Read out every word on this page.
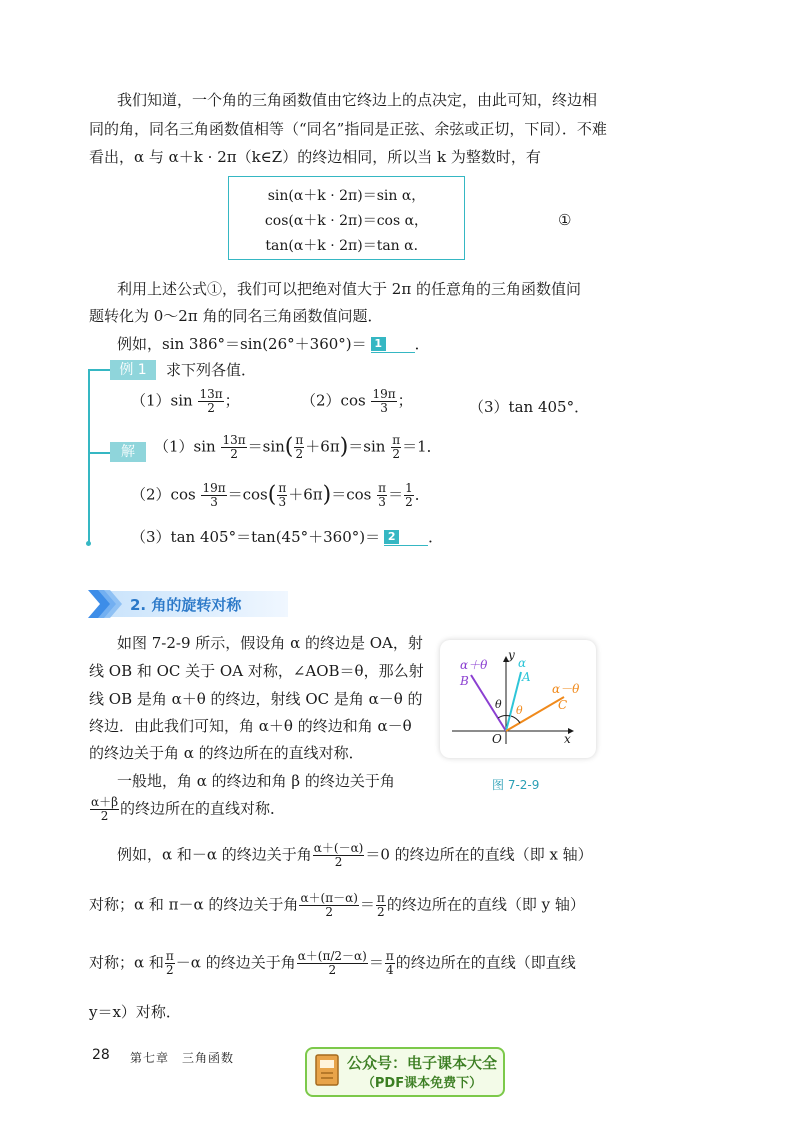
我们知道，一个角的三角函数值由它终边上的点决定，由此可知，终边相
同的角，同名三角函数值相等（“同名”指同是正弦、余弦或正切，下同）．不难
看出，α 与 α＋k · 2π（k∈Z）的终边相同，所以当 k 为整数时，有
sin(α＋k · 2π)＝sin α，
cos(α＋k · 2π)＝cos α，
tan(α＋k · 2π)＝tan α．
①
利用上述公式①，我们可以把绝对值大于 2π 的任意角的三角函数值问
题转化为 0～2π 角的同名三角函数值问题．
例如，sin 386°＝sin(26°＋360°)＝ 1 ．
例 1	求下列各值．
$(1)\sin \frac{13\pi}{2}$ ；	$(2)\cos \frac{19\pi}{3}$ ；	（3）tan 405°．
解	$(1)\sin \frac{13\pi}{2} =\sin( \frac{\pi}{2} +6\pi)=\sin \frac{\pi}{2} =1$．
$(2)\cos \frac{19\pi}{3} =\cos( \frac{\pi}{3} +6\pi)=\cos \frac{\pi}{3} = \frac{1}{2}$ ．
（3）tan 405°＝tan(45°＋360°)＝ 2 ．
2. 角的旋转对称
如图 7-2-9 所示，假设角 α 的终边是 OA，射
线 OB 和 OC 关于 OA 对称，∠AOB＝θ，那么射
线 OB 是角 α＋θ 的终边，射线 OC 是角 α－θ 的
终边．由此我们可知，角 α＋θ 的终边和角 α－θ
的终边关于角 α 的终边所在的直线对称．
一般地，角 α 的终边和角 β 的终边关于角
$\frac{\alpha+\beta}{2}$ 的终边所在的直线对称．
α＋θ
B
y
α
A
α－θ
C
θ θ
O	x
图 7-2-9
例如，α 和－α 的终边关于角 $\frac{\alpha+(-\alpha)}{2} =0$ 的终边所在的直线（即 x 轴）
对称；α 和 π－α 的终边关于角 $\frac{\alpha+(\pi-\alpha)}{2} = \frac{\pi}{2}$ 的终边所在的直线（即 y 轴）
对称；α 和 $\frac{\pi}{2} -\alpha$ 的终边关于角 $\frac{\alpha+(\pi/2-\alpha)}{2} = \frac{\pi}{4}$ 的终边所在的直线（即直线
y＝x）对称．
28 第七章　三角函数	公众号：电子课本大全
（PDF课本免费下）
